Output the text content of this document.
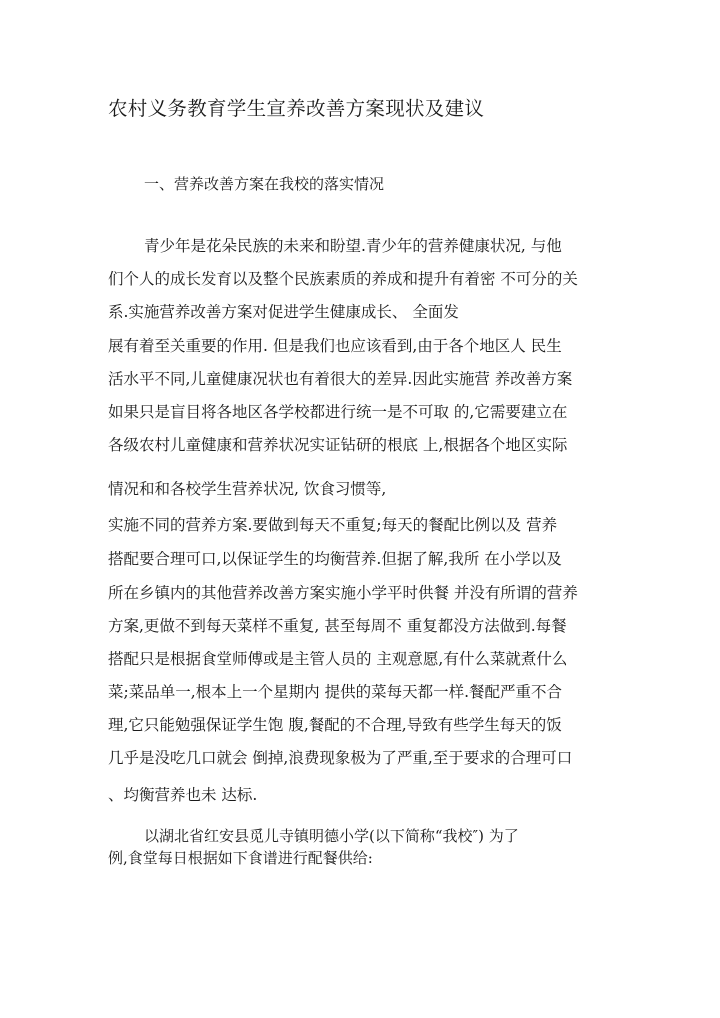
农村义务教育学生宣养改善方案现状及建议
一、营养改善方案在我校的落实情况
青少年是花朵民族的未来和盼望.青少年的营养健康状况, 与他
们个人的成长发育以及整个民族素质的养成和提升有着密 不可分的关
系.实施营养改善方案对促进学生健康成长、 全面发
展有着至关重要的作用. 但是我们也应该看到,由于各个地区人 民生
活水平不同,儿童健康况状也有着很大的差异.因此实施营 养改善方案
如果只是盲目将各地区各学校都进行统一是不可取 的,它需要建立在
各级农村儿童健康和营养状况实证钻研的根底 上,根据各个地区实际
情况和和各校学生营养状况, 饮食习惯等,
实施不同的营养方案.要做到每天不重复;每天的餐配比例以及 营养
搭配要合理可口,以保证学生的均衡营养.但据了解,我所 在小学以及
所在乡镇内的其他营养改善方案实施小学平时供餐 并没有所谓的营养
方案,更做不到每天菜样不重复, 甚至每周不 重复都没方法做到.每餐
搭配只是根据食堂师傅或是主管人员的 主观意愿,有什么菜就煮什么
菜;菜品单一,根本上一个星期内 提供的菜每天都一样.餐配严重不合
理,它只能勉强保证学生饱 腹,餐配的不合理,导致有些学生每天的饭
几乎是没吃几口就会 倒掉,浪费现象极为了严重,至于要求的合理可口
、均衡营养也未 达标.
以湖北省红安县觅儿寺镇明德小学(以下简称“我校″) 为了
例,食堂每日根据如下食谱进行配餐供给:
